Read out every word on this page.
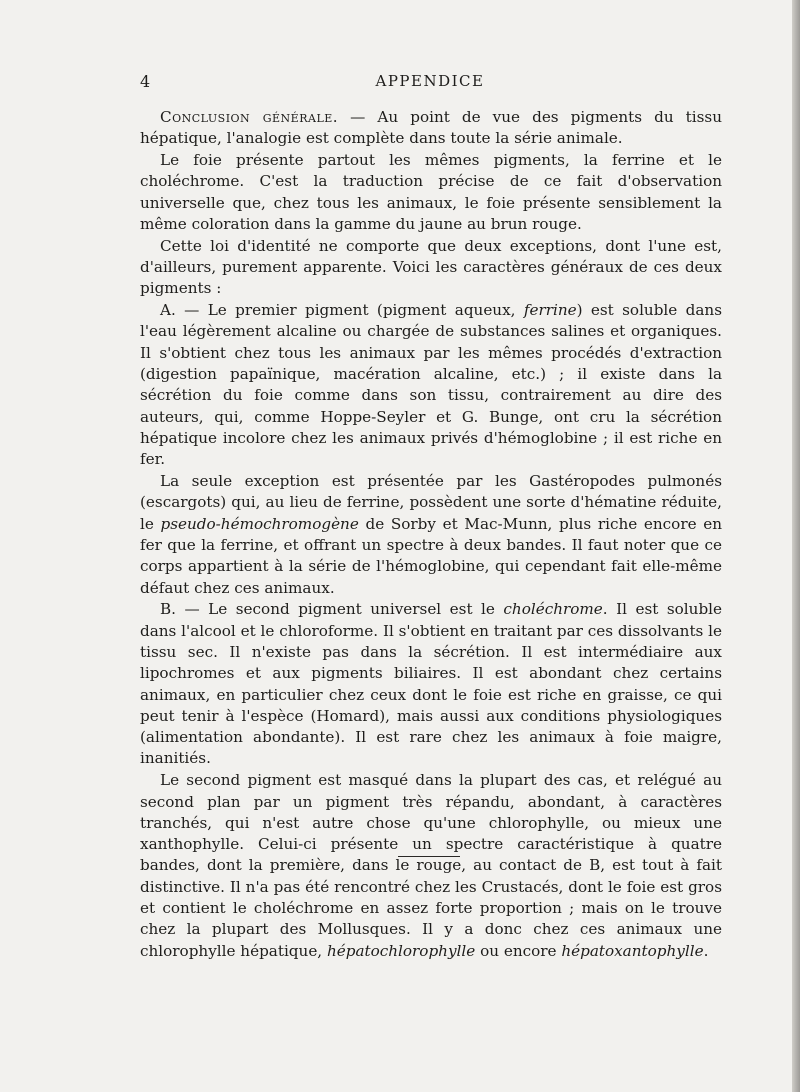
4	APPENDICE

Conclusion générale. — Au point de vue des pigments du tissu hépatique, l'analogie est complète dans toute la série animale.

Le foie présente partout les mêmes pigments, la ferrine et le choléchrome. C'est la traduction précise de ce fait d'observation universelle que, chez tous les animaux, le foie présente sensiblement la même coloration dans la gamme du jaune au brun rouge.

Cette loi d'identité ne comporte que deux exceptions, dont l'une est, d'ailleurs, purement apparente. Voici les caractères généraux de ces deux pigments :

A. — Le premier pigment (pigment aqueux, ferrine) est soluble dans l'eau légèrement alcaline ou chargée de substances salines et organiques. Il s'obtient chez tous les animaux par les mêmes procédés d'extraction (digestion papaïnique, macération alcaline, etc.) ; il existe dans la sécrétion du foie comme dans son tissu, contrairement au dire des auteurs, qui, comme Hoppe-Seyler et G. Bunge, ont cru la sécrétion hépatique incolore chez les animaux privés d'hémoglobine ; il est riche en fer.

La seule exception est présentée par les Gastéropodes pulmonés (escargots) qui, au lieu de ferrine, possèdent une sorte d'hématine réduite, le pseudo-hémochromogène de Sorby et Mac-Munn, plus riche encore en fer que la ferrine, et offrant un spectre à deux bandes. Il faut noter que ce corps appartient à la série de l'hémoglobine, qui cependant fait elle-même défaut chez ces animaux.

B. — Le second pigment universel est le choléchrome. Il est soluble dans l'alcool et le chloroforme. Il s'obtient en traitant par ces dissolvants le tissu sec. Il n'existe pas dans la sécrétion. Il est intermédiaire aux lipochromes et aux pigments biliaires. Il est abondant chez certains animaux, en particulier chez ceux dont le foie est riche en graisse, ce qui peut tenir à l'espèce (Homard), mais aussi aux conditions physiologiques (alimentation abondante). Il est rare chez les animaux à foie maigre, inanitiés.

Le second pigment est masqué dans la plupart des cas, et relégué au second plan par un pigment très répandu, abondant, à caractères tranchés, qui n'est autre chose qu'une chlorophylle, ou mieux une xanthophylle. Celui-ci présente un spectre caractéristique à quatre bandes, dont la première, dans le rouge, au contact de B, est tout à fait distinctive. Il n'a pas été rencontré chez les Crustacés, dont le foie est gros et contient le choléchrome en assez forte proportion ; mais on le trouve chez la plupart des Mollusques. Il y a donc chez ces animaux une chlorophylle hépatique, hépatochlorophylle ou encore hépatoxantophylle.
